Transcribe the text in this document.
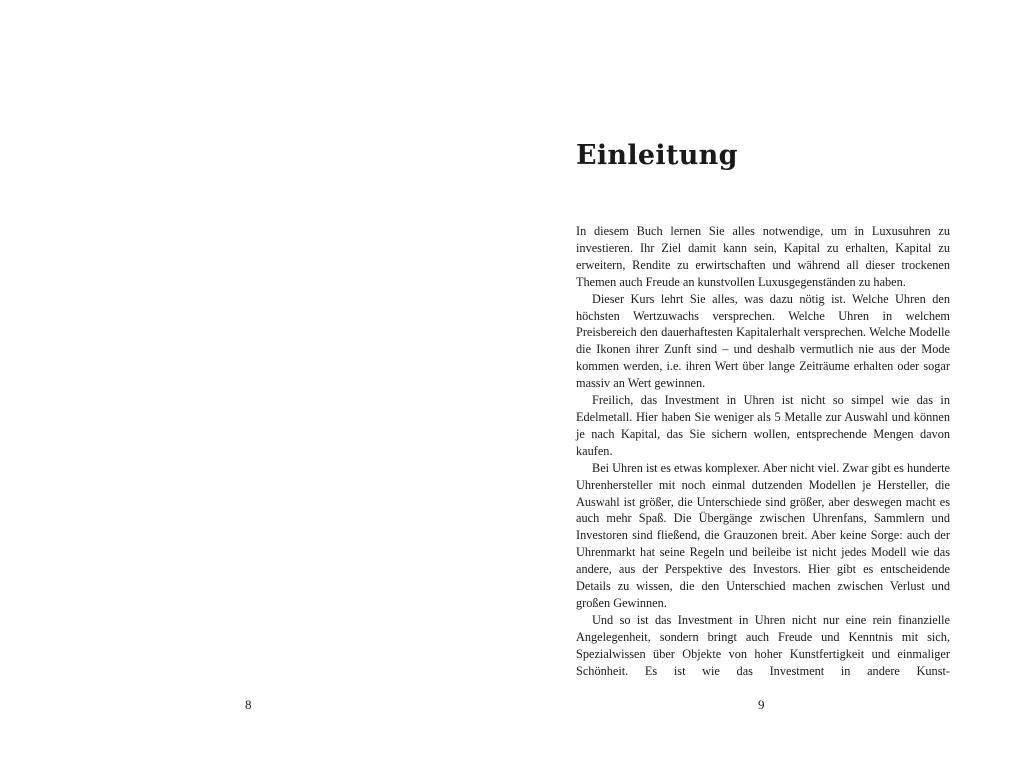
8
Einleitung

In diesem Buch lernen Sie alles notwendige, um in Luxusuhren zu investieren. Ihr Ziel damit kann sein, Kapital zu erhalten, Kapital zu erweitern, Rendite zu erwirtschaften und während all dieser trockenen Themen auch Freude an kunstvollen Luxusgegenständen zu haben.

Dieser Kurs lehrt Sie alles, was dazu nötig ist. Welche Uhren den höchsten Wertzuwachs versprechen. Welche Uhren in welchem Preisbereich den dauerhaftesten Kapitalerhalt versprechen. Welche Modelle die Ikonen ihrer Zunft sind – und deshalb vermutlich nie aus der Mode kommen werden, i.e. ihren Wert über lange Zeiträume erhalten oder sogar massiv an Wert gewinnen.

Freilich, das Investment in Uhren ist nicht so simpel wie das in Edelmetall. Hier haben Sie weniger als 5 Metalle zur Auswahl und können je nach Kapital, das Sie sichern wollen, entsprechende Mengen davon kaufen.

Bei Uhren ist es etwas komplexer. Aber nicht viel. Zwar gibt es hunderte Uhrenhersteller mit noch einmal dutzenden Modellen je Hersteller, die Auswahl ist größer, die Unterschiede sind größer, aber deswegen macht es auch mehr Spaß. Die Übergänge zwischen Uhrenfans, Sammlern und Investoren sind fließend, die Grauzonen breit. Aber keine Sorge: auch der Uhrenmarkt hat seine Regeln und beileibe ist nicht jedes Modell wie das andere, aus der Perspektive des Investors. Hier gibt es entscheidende Details zu wissen, die den Unterschied machen zwischen Verlust und großen Gewinnen.

Und so ist das Investment in Uhren nicht nur eine rein finanzielle Angelegenheit, sondern bringt auch Freude und Kenntnis mit sich, Spezialwissen über Objekte von hoher Kunstfertigkeit und einmaliger Schönheit. Es ist wie das Investment in andere Kunst-

9
